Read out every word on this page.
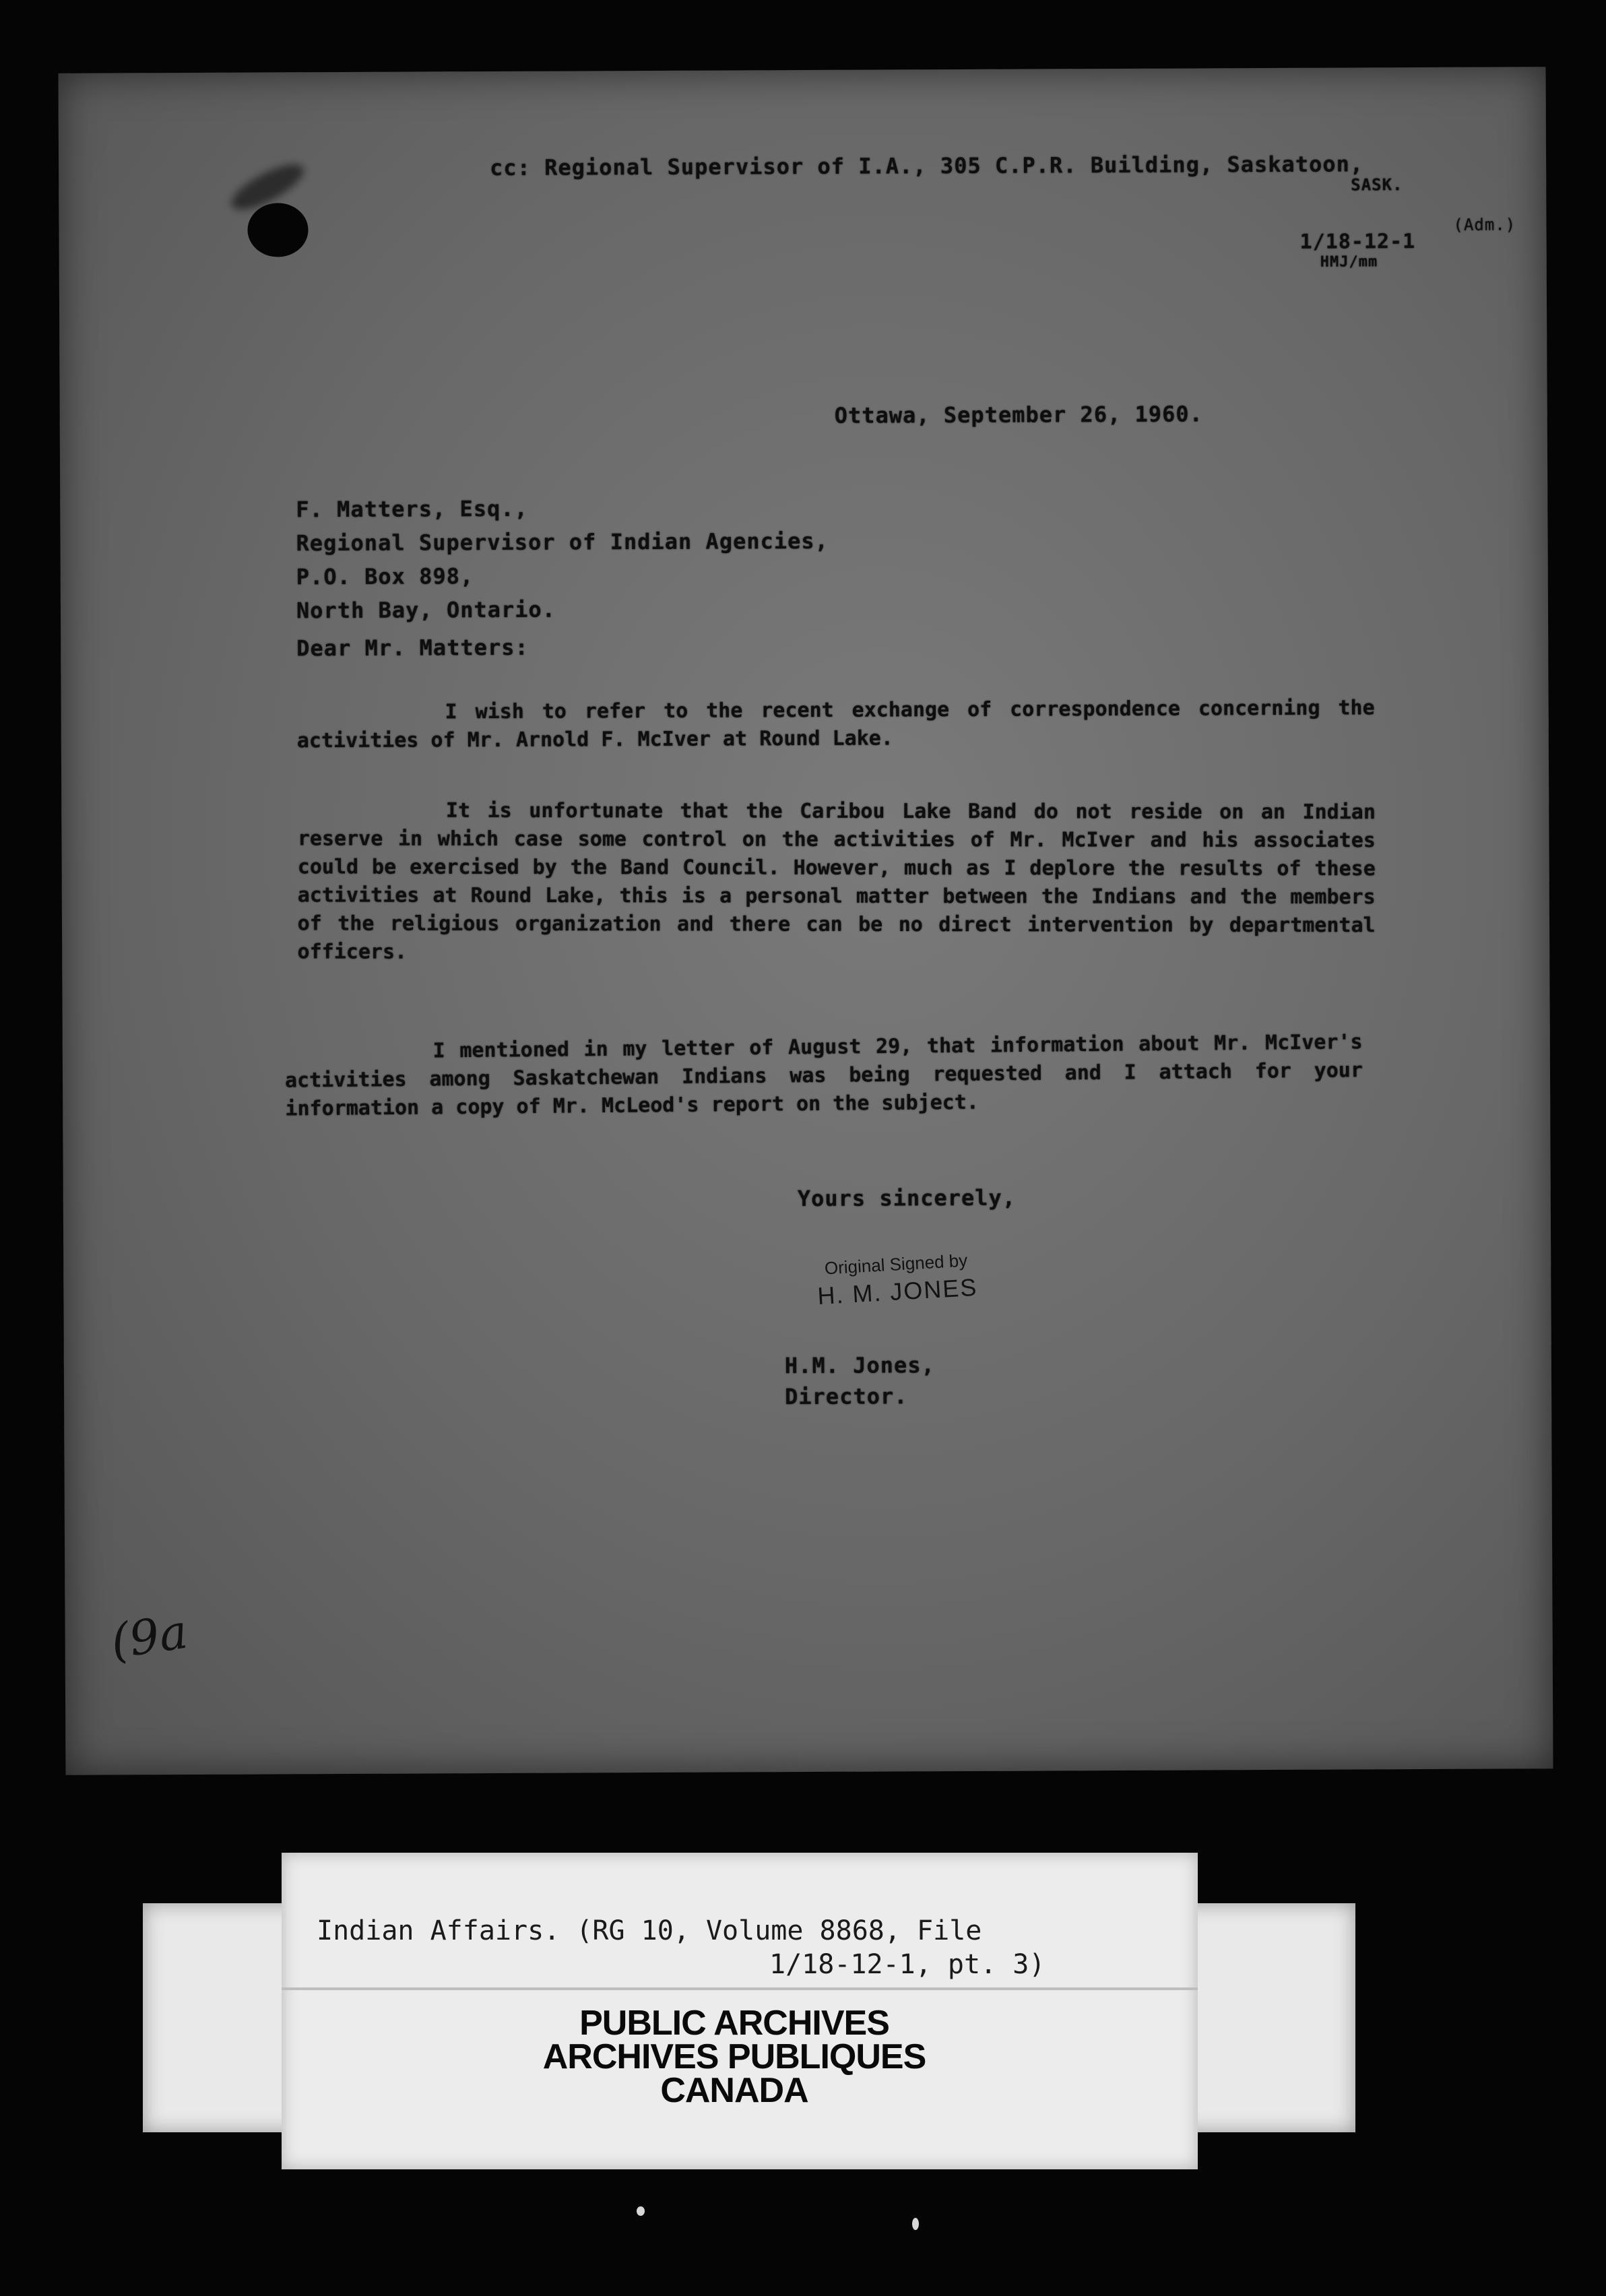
cc: Regional Supervisor of I.A., 305 C.P.R. Building, Saskatoon,
SASK.
1/18-12-1
HMJ/mm
(Adm.)
Ottawa, September 26, 1960.
F. Matters, Esq.,
Regional Supervisor of Indian Agencies,
P.O. Box 898,
North Bay, Ontario.
Dear Mr. Matters:
I wish to refer to the recent exchange of correspondence concerning the activities of Mr. Arnold F. McIver at Round Lake.
It is unfortunate that the Caribou Lake Band do not reside on an Indian reserve in which case some control on the activities of Mr. McIver and his associates could be exercised by the Band Council. However, much as I deplore the results of these activities at Round Lake, this is a personal matter between the Indians and the members of the religious organization and there can be no direct intervention by departmental officers.
I mentioned in my letter of August 29, that information about Mr. McIver's activities among Saskatchewan Indians was being requested and I attach for your information a copy of Mr. McLeod's report on the subject.
Yours sincerely,
Original Signed by
H. M. JONES
H.M. Jones,
Director.
(9a
Indian Affairs. (RG 10, Volume 8868, File
1/18-12-1, pt. 3)
PUBLIC ARCHIVES
ARCHIVES PUBLIQUES
CANADA
